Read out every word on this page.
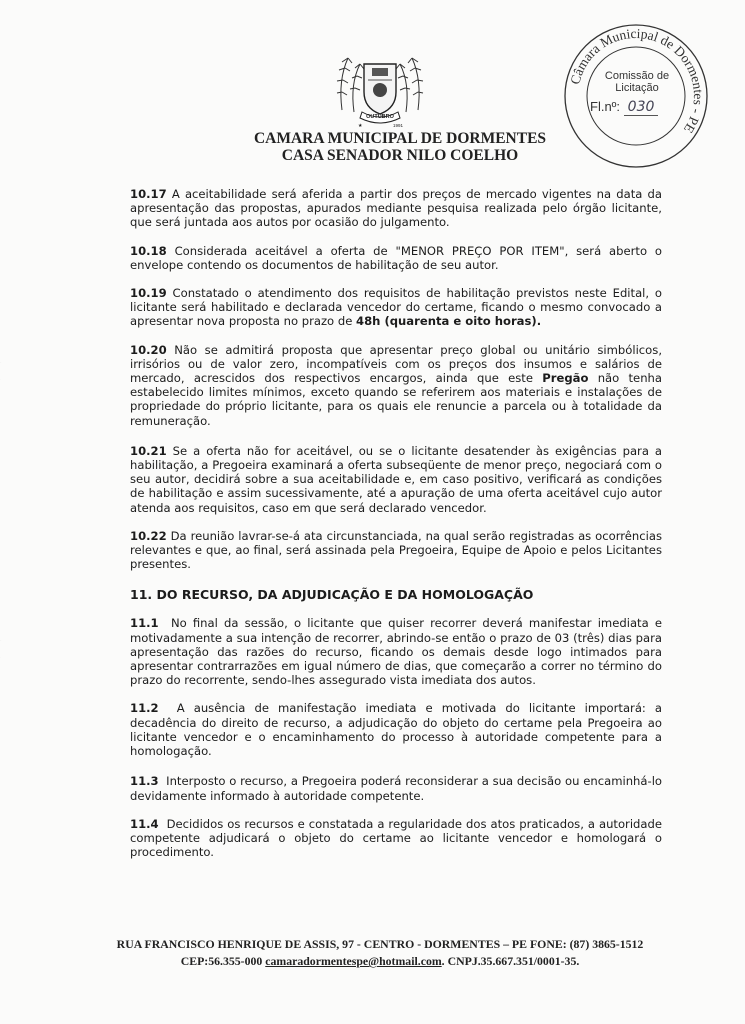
OUTUBRO
1991
★
CAMARA MUNICIPAL DE DORMENTES
CASA SENADOR NILO COELHO
Câmara Municipal de Dormentes - PE
Comissão de
Licitação
Fl.nº: 030

10.17 A aceitabilidade será aferida a partir dos preços de mercado vigentes na data da apresentação das propostas, apurados mediante pesquisa realizada pelo órgão licitante, que será juntada aos autos por ocasião do julgamento.

10.18 Considerada aceitável a oferta de "MENOR PREÇO POR ITEM", será aberto o envelope contendo os documentos de habilitação de seu autor.

10.19 Constatado o atendimento dos requisitos de habilitação previstos neste Edital, o licitante será habilitado e declarada vencedor do certame, ficando o mesmo convocado a apresentar nova proposta no prazo de 48h (quarenta e oito horas).

10.20 Não se admitirá proposta que apresentar preço global ou unitário simbólicos, irrisórios ou de valor zero, incompatíveis com os preços dos insumos e salários de mercado, acrescidos dos respectivos encargos, ainda que este Pregão não tenha estabelecido limites mínimos, exceto quando se referirem aos materiais e instalações de propriedade do próprio licitante, para os quais ele renuncie a parcela ou à totalidade da remuneração.

10.21 Se a oferta não for aceitável, ou se o licitante desatender às exigências para a habilitação, a Pregoeira examinará a oferta subseqüente de menor preço, negociará com o seu autor, decidirá sobre a sua aceitabilidade e, em caso positivo, verificará as condições de habilitação e assim sucessivamente, até a apuração de uma oferta aceitável cujo autor atenda aos requisitos, caso em que será declarado vencedor.

10.22 Da reunião lavrar-se-á ata circunstanciada, na qual serão registradas as ocorrências relevantes e que, ao final, será assinada pela Pregoeira, Equipe de Apoio e pelos Licitantes presentes.

11. DO RECURSO, DA ADJUDICAÇÃO E DA HOMOLOGAÇÃO

11.1 No final da sessão, o licitante que quiser recorrer deverá manifestar imediata e motivadamente a sua intenção de recorrer, abrindo-se então o prazo de 03 (três) dias para apresentação das razões do recurso, ficando os demais desde logo intimados para apresentar contrarrazões em igual número de dias, que começarão a correr no término do prazo do recorrente, sendo-lhes assegurado vista imediata dos autos.

11.2 A ausência de manifestação imediata e motivada do licitante importará: a decadência do direito de recurso, a adjudicação do objeto do certame pela Pregoeira ao licitante vencedor e o encaminhamento do processo à autoridade competente para a homologação.

11.3 Interposto o recurso, a Pregoeira poderá reconsiderar a sua decisão ou encaminhá-lo devidamente informado à autoridade competente.

11.4 Decididos os recursos e constatada a regularidade dos atos praticados, a autoridade competente adjudicará o objeto do certame ao licitante vencedor e homologará o procedimento.

RUA FRANCISCO HENRIQUE DE ASSIS, 97 - CENTRO - DORMENTES – PE FONE: (87) 3865-1512
CEP:56.355-000 camaradormentespe@hotmail.com. CNPJ.35.667.351/0001-35.
